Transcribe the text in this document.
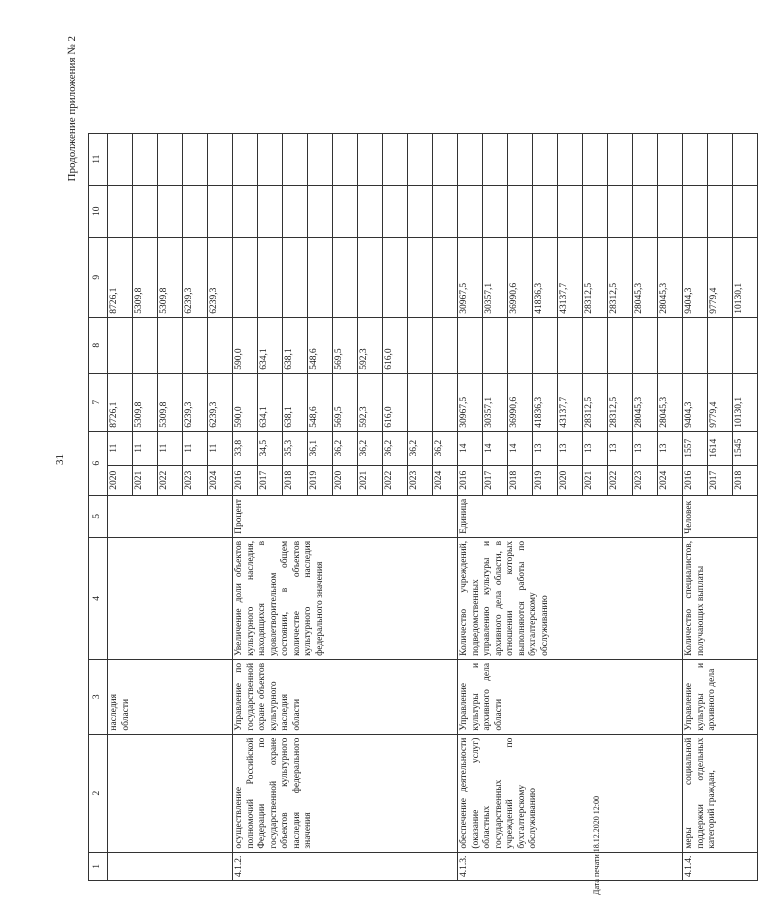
31
Продолжение приложения № 2
Дата печати 18.12.2020 12:00
1	2	3	4	5	6		7	8	9	10	11
		наследия области			2020	11	8726,1		8726,1		
					2021	11	5309,8		5309,8		
					2022	11	5309,8		5309,8		
					2023	11	6239,3		6239,3		
					2024	11	6239,3		6239,3		
4.1.2.	осуществление полномочий Российской Федерации по государственной охране объектов культурного наследия федерального значения	Управление по государственной охране объектов культурного наследия области	Увеличение доли объектов культурного наследия, находящихся в удовлетворительном состоянии, в общем количестве объектов культурного наследия федерального значения	Процент	2016	33,8	590,0	590,0			
					2017	34,5	634,1	634,1			
					2018	35,3	638,1	638,1			
					2019	36,1	548,6	548,6			
					2020	36,2	569,5	569,5			
					2021	36,2	592,3	592,3			
					2022	36,2	616,0	616,0			
					2023	36,2					
					2024	36,2					
4.1.3.	обеспечение деятельности (оказание услуг) областных государственных учреждений по бухгалтерскому обслуживанию	Управление культуры и архивного дела области	Количество учреждений, подведомственных управлению культуры и архивного дела области, в отношении которых выполняются работы по бухгалтерскому обслуживанию	Единица	2016	14	30967,5		30967,5		
					2017	14	30357,1		30357,1		
					2018	14	36990,6		36990,6		
					2019	13	41836,3		41836,3		
					2020	13	43137,7		43137,7		
					2021	13	28312,5		28312,5		
					2022	13	28312,5		28312,5		
					2023	13	28045,3		28045,3		
					2024	13	28045,3		28045,3		
4.1.4.	меры социальной поддержки отдельных категорий граждан,	Управление культуры и архивного дела	Количество специалистов, получающих выплаты	Человек	2016	1557	9404,3		9404,3		
					2017	1614	9779,4		9779,4		
					2018	1545	10130,1		10130,1		
